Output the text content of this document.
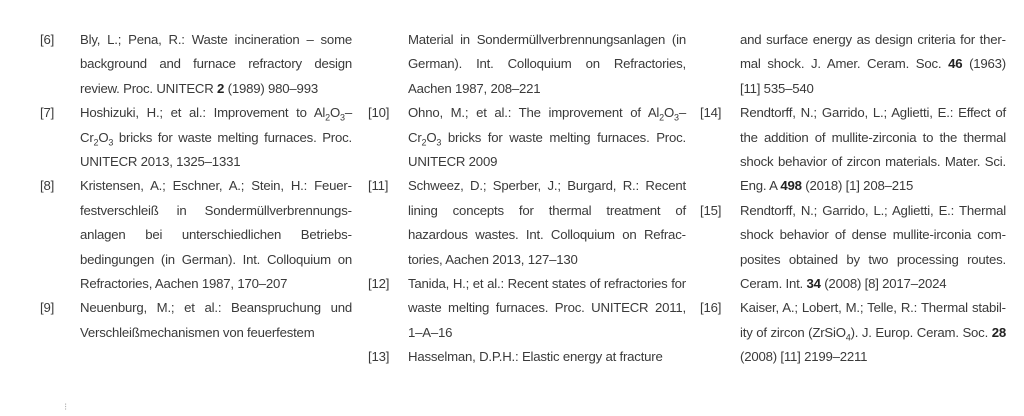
[6]	Bly, L.; Pena, R.: Waste incineration – some background and furnace refractory design review. Proc. UNITECR 2 (1989) 980–993
[7]	Hoshizuki, H.; et al.: Improvement to $Al_2O_3-Cr_2O_3$ bricks for waste melting furnaces. Proc. UNITECR 2013, 1325–1331
[8]	Kristensen, A.; Eschner, A.; Stein, H.: Feuerfestverschleiß in Sondermüllverbrennungsanlagen bei unterschiedlichen Betriebsbedingungen (in German). Int. Colloquium on Refractories, Aachen 1987, 170–207
[9]	Neuenburg, M.; et al.: Beanspruchung und Verschleißmechanismen von feuerfestem
Material in Sondermüllverbrennungsanlagen (in German). Int. Colloquium on Refractories, Aachen 1987, 208–221
[10]	Ohno, M.; et al.: The improvement of $Al_2O_3-Cr_2O_3$ bricks for waste melting furnaces. Proc. UNITECR 2009
[11]	Schweez, D.; Sperber, J.; Burgard, R.: Recent lining concepts for thermal treatment of hazardous wastes. Int. Colloquium on Refractories, Aachen 2013, 127–130
[12]	Tanida, H.; et al.: Recent states of refractories for waste melting furnaces. Proc. UNITECR 2011, 1–A–16
[13]	Hasselman, D.P.H.: Elastic energy at fracture
and surface energy as design criteria for thermal shock. J. Amer. Ceram. Soc. 46 (1963) [11] 535–540
[14]	Rendtorff, N.; Garrido, L.; Aglietti, E.: Effect of the addition of mullite-zirconia to the thermal shock behavior of zircon materials. Mater. Sci. Eng. A 498 (2018) [1] 208–215
[15]	Rendtorff, N.; Garrido, L.; Aglietti, E.: Thermal shock behavior of dense mullite-irconia composites obtained by two processing routes. Ceram. Int. 34 (2008) [8] 2017–2024
[16]	Kaiser, A.; Lobert, M.; Telle, R.: Thermal stability of zircon (ZrSiO$_4$). J. Europ. Ceram. Soc. 28 (2008) [11] 2199–2211
⁝
